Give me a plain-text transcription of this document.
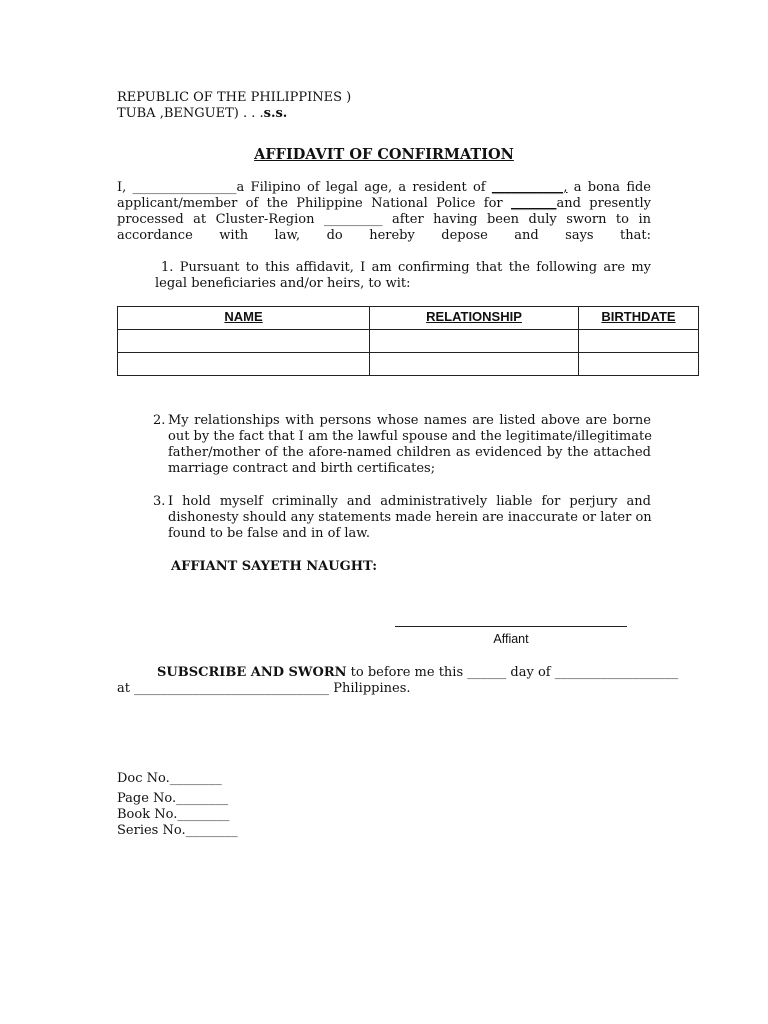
REPUBLIC OF THE PHILIPPINES )
TUBA ,BENGUET) . . .s.s.
AFFIDAVIT OF CONFIRMATION
I, ________________a Filipino of legal age, a resident of ___________, a bona fide
applicant/member of the Philippine National Police for _______and presently
processed at Cluster-Region _________ after having been duly sworn to in
accordance with law, do hereby depose and says that:
1. Pursuant to this affidavit, I am confirming that the following are my
legal beneficiaries and/or heirs, to wit:
NAME	RELATIONSHIP	BIRTHDATE

2. My relationships with persons whose names are listed above are borne
out by the fact that I am the lawful spouse and the legitimate/illegitimate
father/mother of the afore-named children as evidenced by the attached
marriage contract and birth certificates;
3. I hold myself criminally and administratively liable for perjury and
dishonesty should any statements made herein are inaccurate or later on
found to be false and in of law.
AFFIANT SAYETH NAUGHT:
Affiant
SUBSCRIBE AND SWORN to before me this ______ day of ___________________
at ______________________________ Philippines.
Doc No.________
Page No.________
Book No.________
Series No.________
